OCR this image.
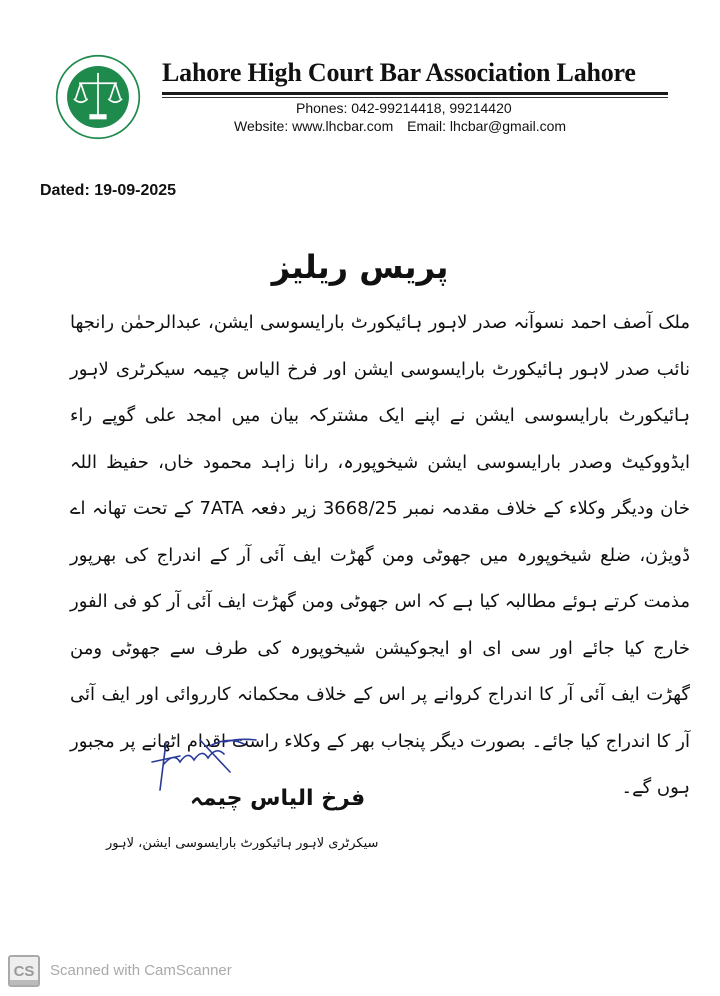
Lahore High Court Bar Association Lahore
Phones: 042-99214418, 99214420
Website: www.lhcbar.com Email: lhcbar@gmail.com
Dated: 19-09-2025
پریس ریلیز

ملک آصف احمد نسوآنہ صدر لاہور ہائیکورٹ بارایسوسی ایشن، عبدالرحمٰن رانجھا نائب صدر لاہور ہائیکورٹ بارایسوسی ایشن اور فرخ الیاس چیمہ سیکرٹری لاہور ہائیکورٹ بارایسوسی ایشن نے اپنے ایک مشترکہ بیان میں امجد علی گوپے راء ایڈووکیٹ وصدر بارایسوسی ایشن شیخوپورہ، رانا زاہد محمود خاں، حفیظ اللہ خان ودیگر وکلاء کے خلاف مقدمہ نمبر 3668/25 زیر دفعہ 7ATA کے تحت تھانہ اے ڈویژن، ضلع شیخوپورہ میں جھوٹی ومن گھڑت ایف آئی آر کے اندراج کی بھرپور مذمت کرتے ہوئے مطالبہ کیا ہے کہ اس جھوٹی ومن گھڑت ایف آئی آر کو فی الفور خارج کیا جائے اور سی ای او ایجوکیشن شیخوپورہ کی طرف سے جھوٹی ومن گھڑت ایف آئی آر کا اندراج کروانے پر اس کے خلاف محکمانہ کارروائی اور ایف آئی آر کا اندراج کیا جائے۔ بصورت دیگر پنجاب بھر کے وکلاء راست اقدام اٹھانے پر مجبور ہوں گے۔

فرخ الیاس چیمہ
سیکرٹری لاہور ہائیکورٹ بارایسوسی ایشن، لاہور
CS Scanned with CamScanner
